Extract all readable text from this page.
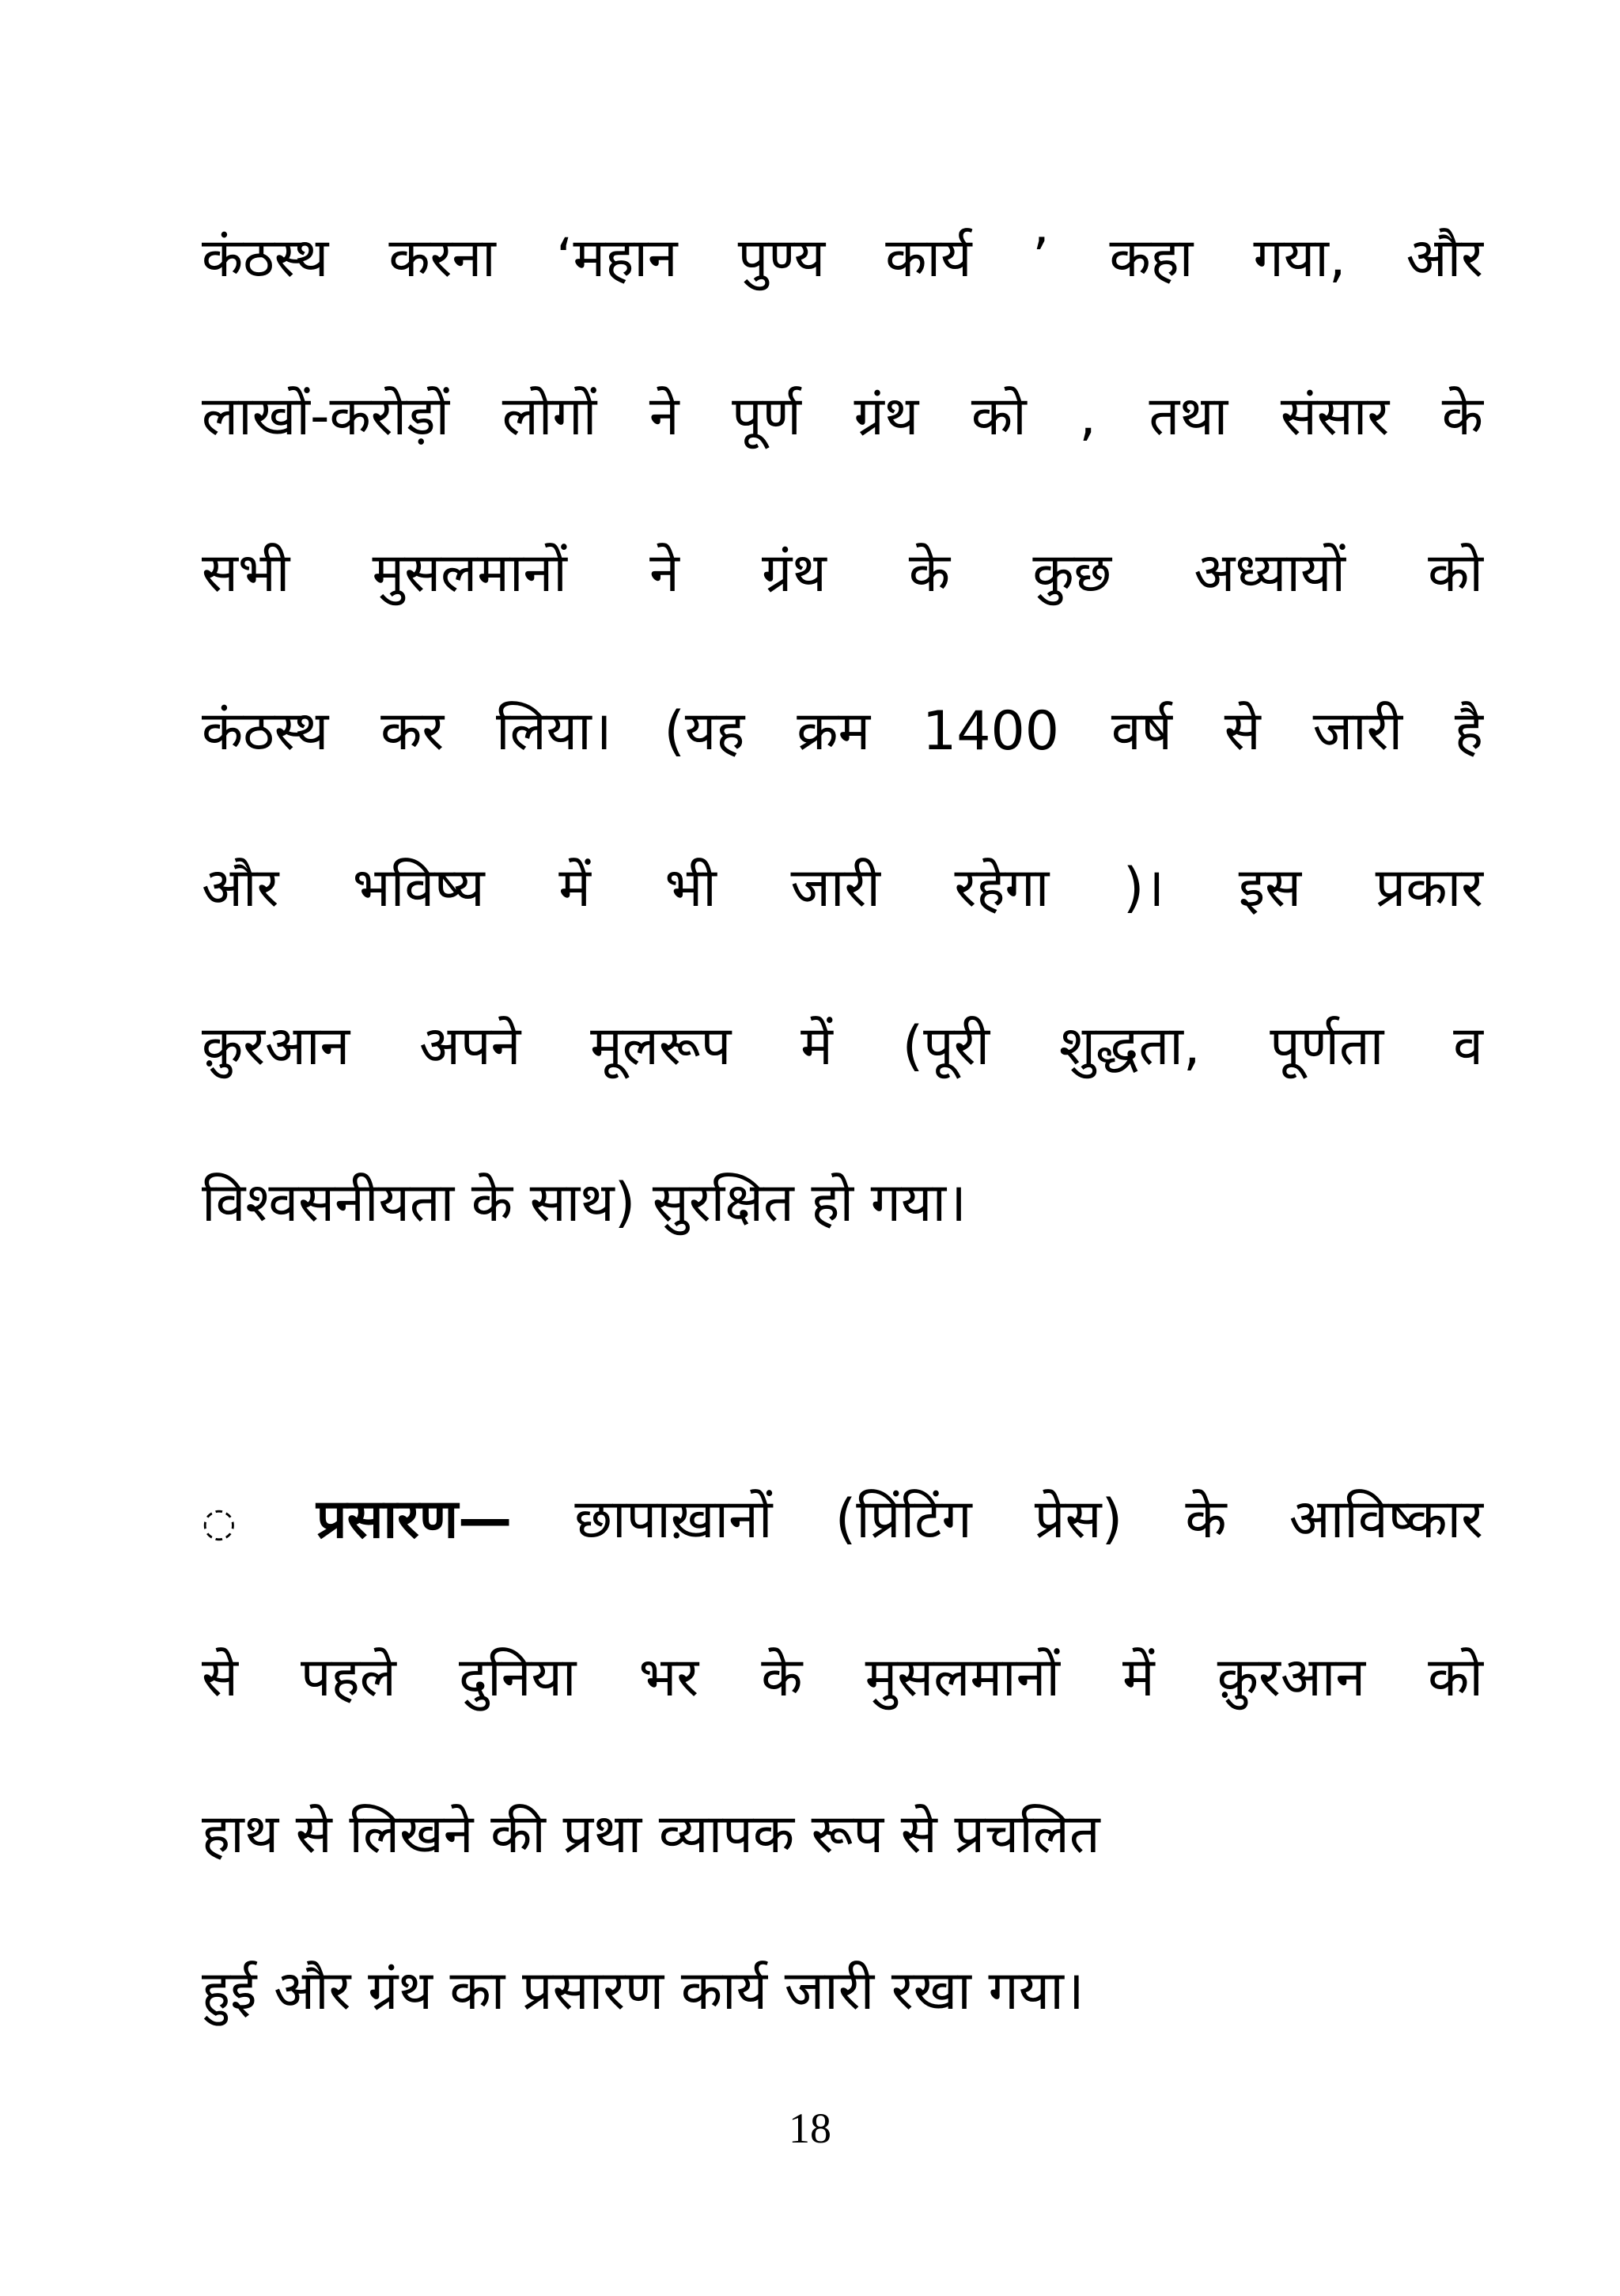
कंठस्थ करना ‘महान पुण्य कार्य ’ कहा गया, और
लाखों-करोड़ों लोगों ने पूर्ण ग्रंथ को , तथा संसार के
सभी मुसलमानों ने ग्रंथ के कुछ अध्यायों को
कंठस्थ कर लिया। (यह क्रम 1400 वर्ष से जारी है
और भविष्य में भी जारी रहेगा )। इस प्रकार
क़ुरआन अपने मूलरूप में (पूरी शुद्धता, पूर्णता व
विश्वसनीयता के साथ) सुरक्षित हो गया।
◌ प्रसारण— छापाख़ानों (प्रिंटिंग प्रेस) के आविष्कार
से पहले दुनिया भर के मुसलमानों में क़ुरआन को
हाथ से लिखने की प्रथा व्यापक रूप से प्रचलित
हुई और ग्रंथ का प्रसारण कार्य जारी रखा गया।
18
